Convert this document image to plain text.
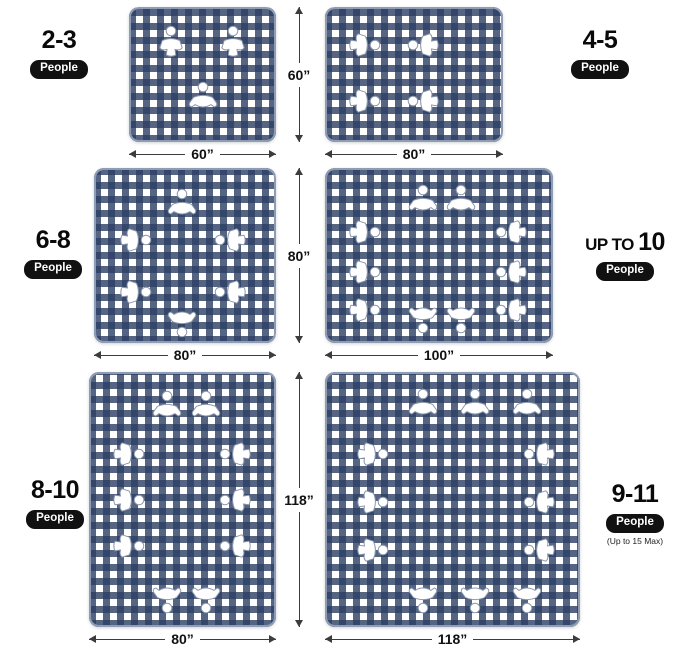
2-3
People	60”
60”	80”
4-5
People
6-8
People
80”
80”	100”
UP TO 10
People
8-10
People
118”
80”	118”
9-11
People
(Up to 15 Max)
